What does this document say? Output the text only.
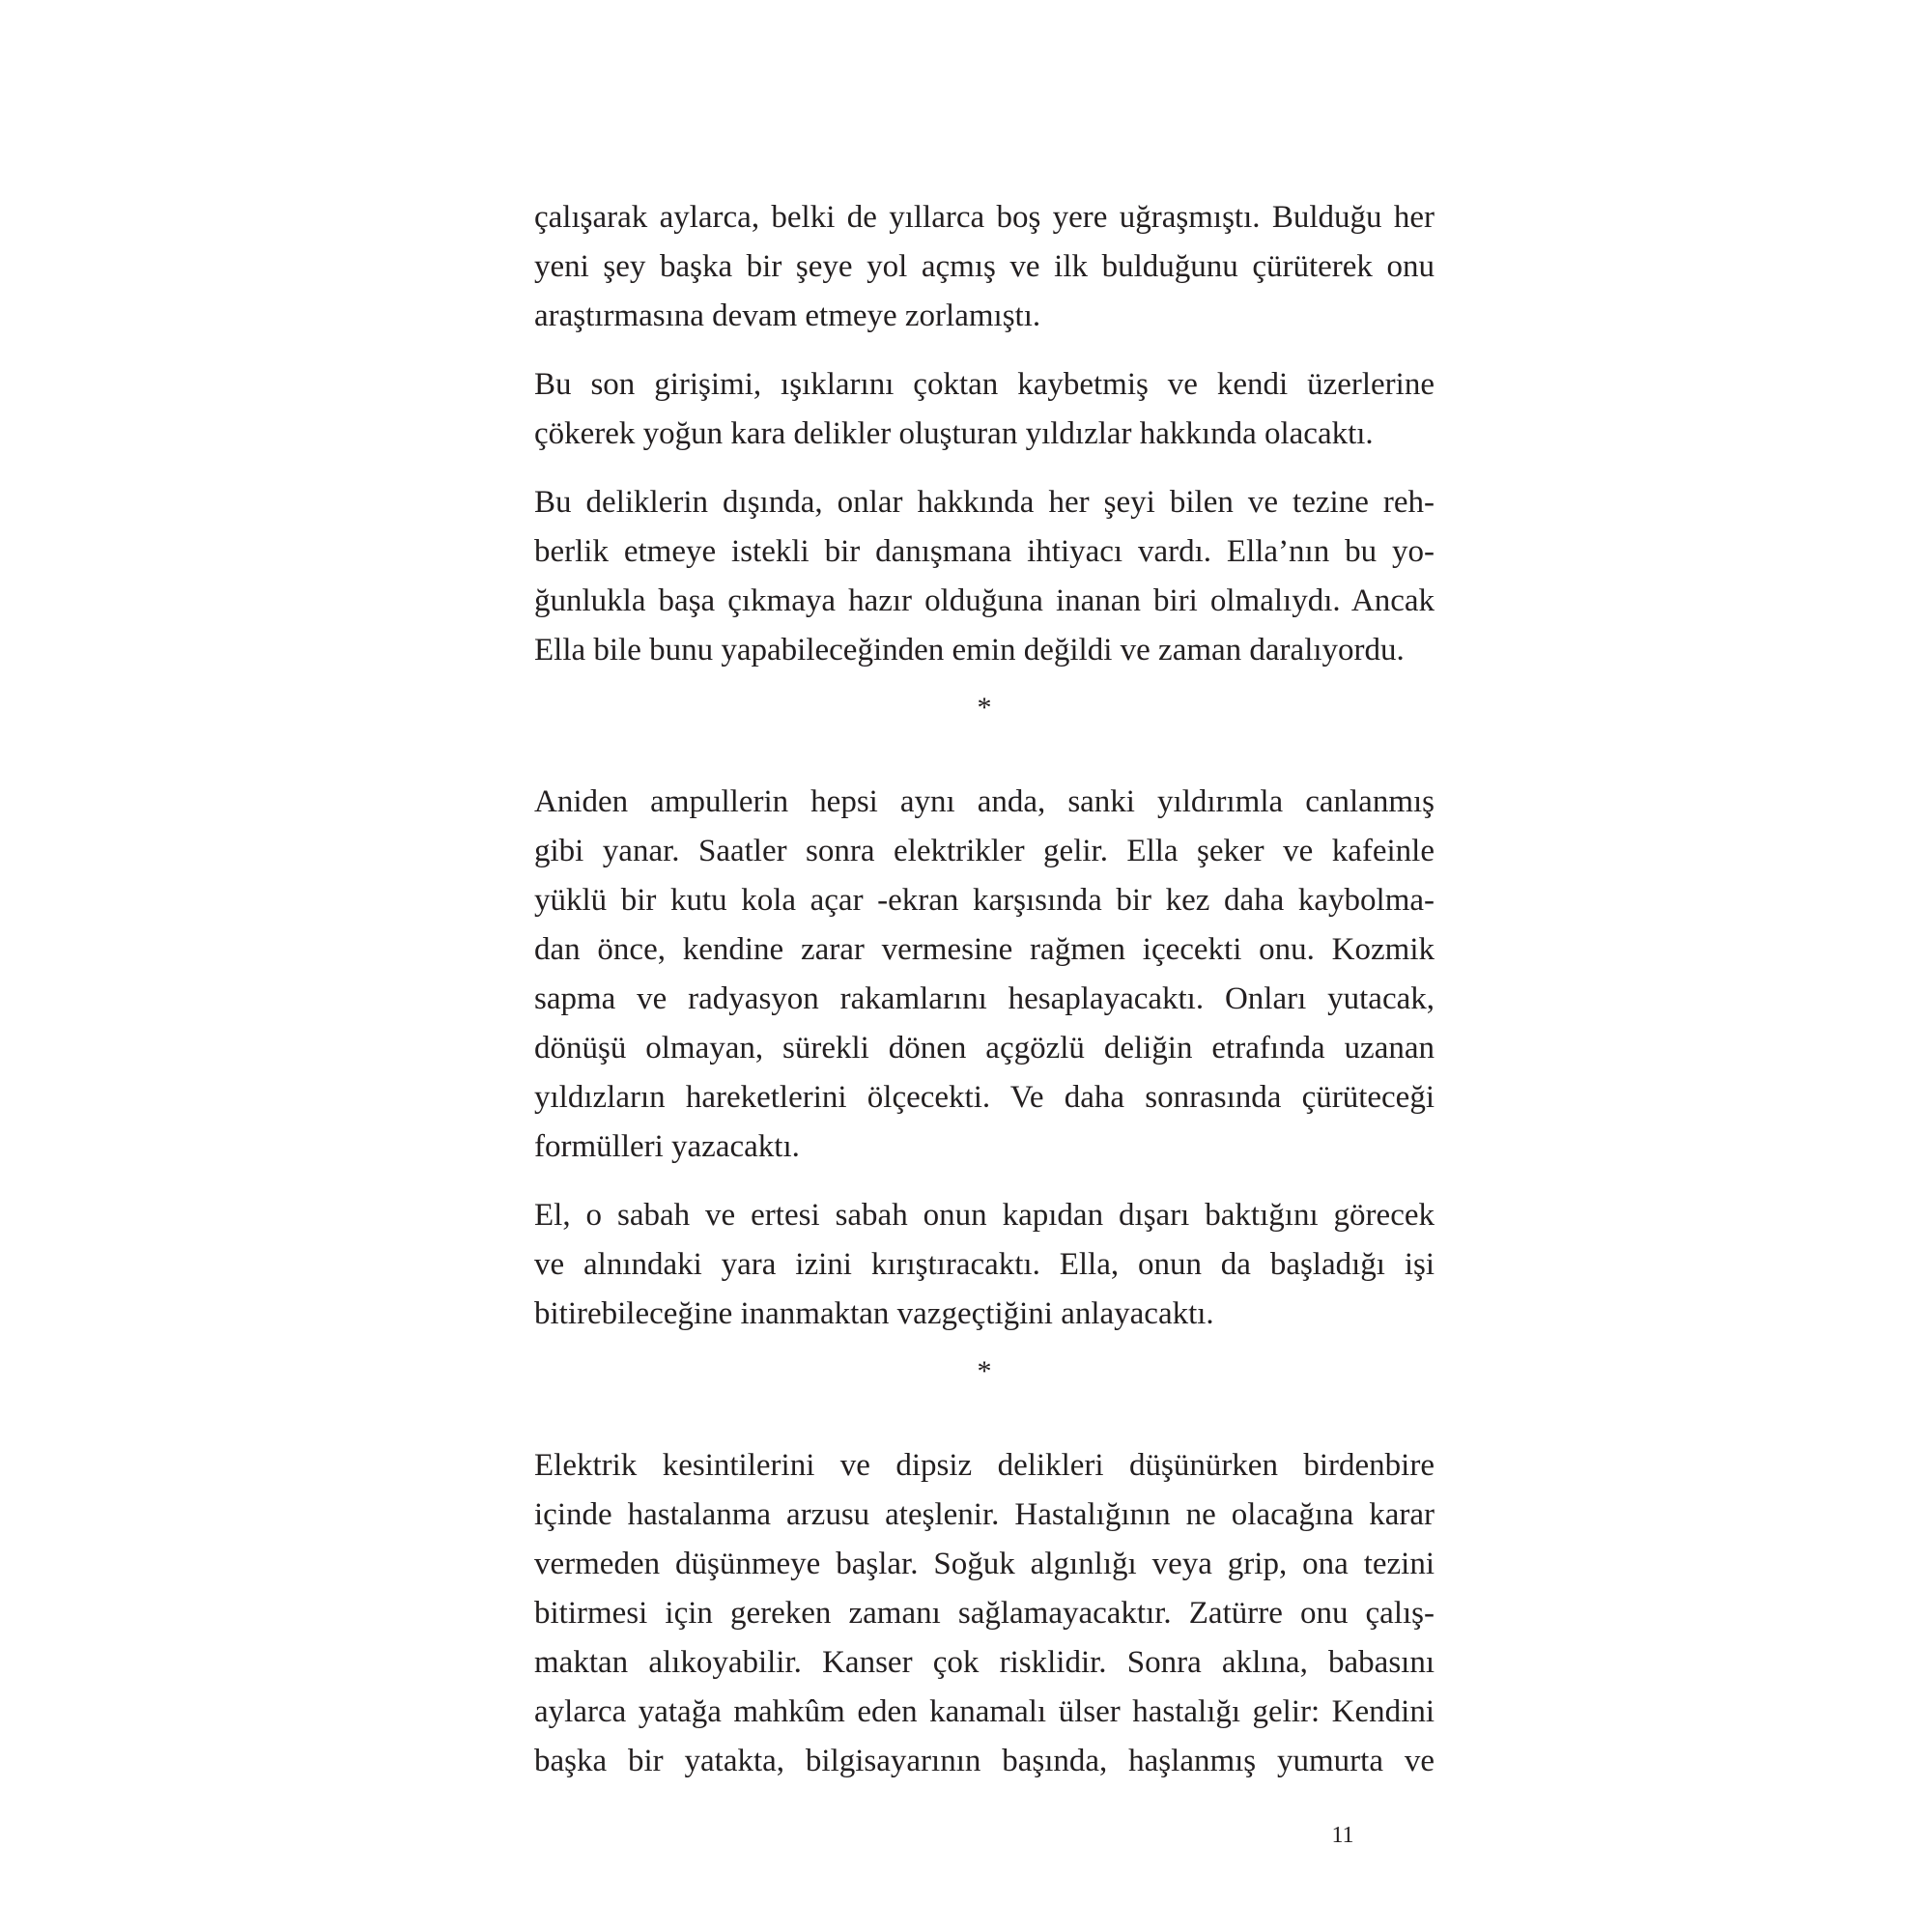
çalışarak aylarca, belki de yıllarca boş yere uğraşmıştı. Bulduğu her
yeni şey başka bir şeye yol açmış ve ilk bulduğunu çürüterek onu
araştırmasına devam etmeye zorlamıştı.

Bu son girişimi, ışıklarını çoktan kaybetmiş ve kendi üzerlerine
çökerek yoğun kara delikler oluşturan yıldızlar hakkında olacaktı.

Bu deliklerin dışında, onlar hakkında her şeyi bilen ve tezine reh-
berlik etmeye istekli bir danışmana ihtiyacı vardı. Ella’nın bu yo-
ğunlukla başa çıkmaya hazır olduğuna inanan biri olmalıydı. Ancak
Ella bile bunu yapabileceğinden emin değildi ve zaman daralıyordu.

*

Aniden ampullerin hepsi aynı anda, sanki yıldırımla canlanmış
gibi yanar. Saatler sonra elektrikler gelir. Ella şeker ve kafeinle
yüklü bir kutu kola açar -ekran karşısında bir kez daha kaybolma-
dan önce, kendine zarar vermesine rağmen içecekti onu. Kozmik
sapma ve radyasyon rakamlarını hesaplayacaktı. Onları yutacak,
dönüşü olmayan, sürekli dönen açgözlü deliğin etrafında uzanan
yıldızların hareketlerini ölçecekti. Ve daha sonrasında çürüteceği
formülleri yazacaktı.

El, o sabah ve ertesi sabah onun kapıdan dışarı baktığını görecek
ve alnındaki yara izini kırıştıracaktı. Ella, onun da başladığı işi
bitirebileceğine inanmaktan vazgeçtiğini anlayacaktı.

*

Elektrik kesintilerini ve dipsiz delikleri düşünürken birdenbire
içinde hastalanma arzusu ateşlenir. Hastalığının ne olacağına karar
vermeden düşünmeye başlar. Soğuk algınlığı veya grip, ona tezini
bitirmesi için gereken zamanı sağlamayacaktır. Zatürre onu çalış-
maktan alıkoyabilir. Kanser çok risklidir. Sonra aklına, babasını
aylarca yatağa mahkûm eden kanamalı ülser hastalığı gelir: Kendini
başka bir yatakta, bilgisayarının başında, haşlanmış yumurta ve

11
